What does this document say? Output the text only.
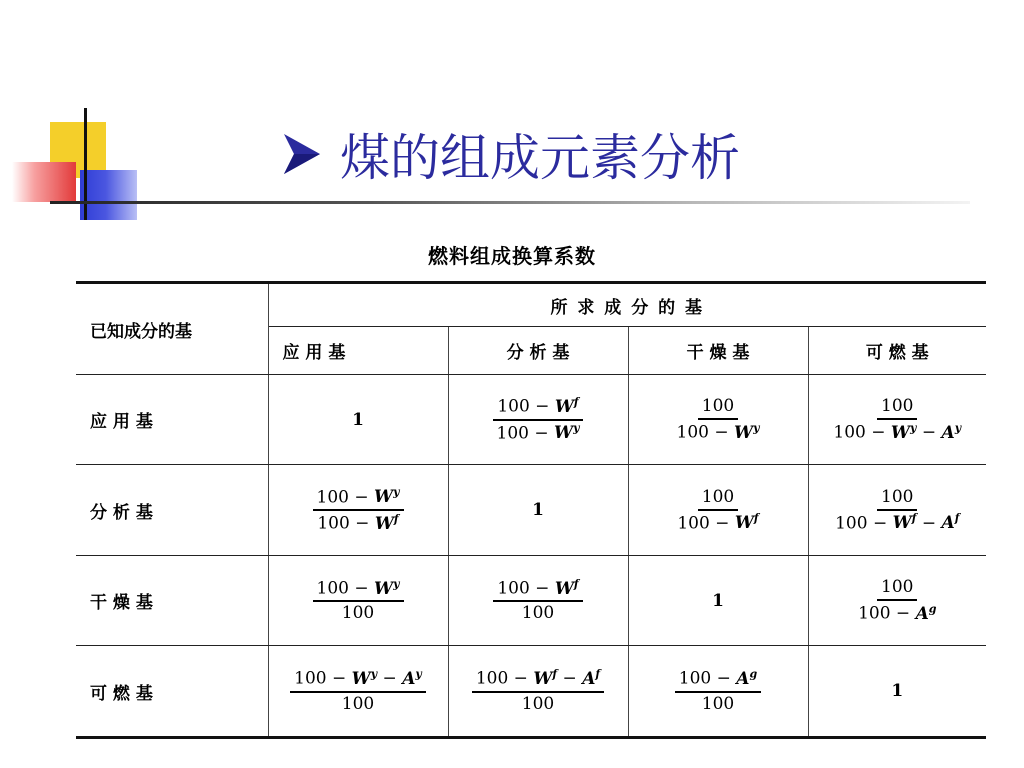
煤的组成元素分析
燃料组成换算系数
已知成分的基	所 求 成 分 的 基			
	应 用 基	分 析 基	干 燥 基	可 燃 基
应 用 基	1	$\frac{100 - W^f}{100 - W^y}$	$\frac{100}{100 - W^y}$	$\frac{100}{100 - W^y - A^y}$

分 析 基	$\frac{100 - W^y}{100 - W^f}$	1	$\frac{100}{100 - W^f}$	$\frac{100}{100 - W^f - A^f}$

干 燥 基	$\frac{100 - W^y}{100}$	$\frac{100 - W^f}{100}$	1	$\frac{100}{100 - A^g}$

可 燃 基	$\frac{100 - W^y - A^y}{100}$	$\frac{100 - W^f - A^f}{100}$	$\frac{100 - A^g}{100}$	1
